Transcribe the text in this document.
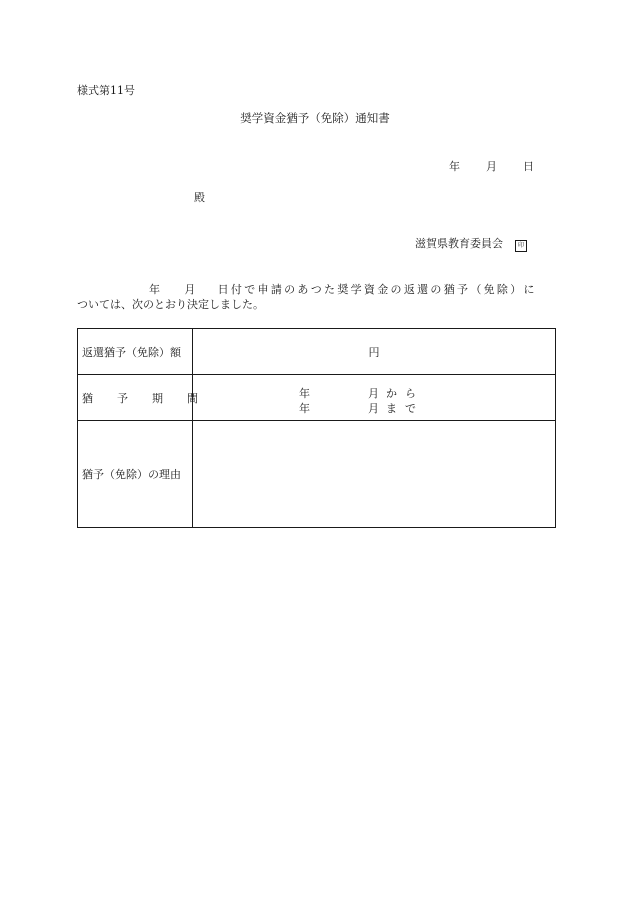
様式第11号
奨学資金猶予（免除）通知書
年 月 日
殿
滋賀県教育委員会 印
年 月 日付で申請のあつた奨学資金の返還の猶予（免除）に
ついては、次のとおり決定しました。
返還猶予（免除）額	円
猶 予 期 間	年 月 から
年 月 まで

猶予（免除）の理由	
